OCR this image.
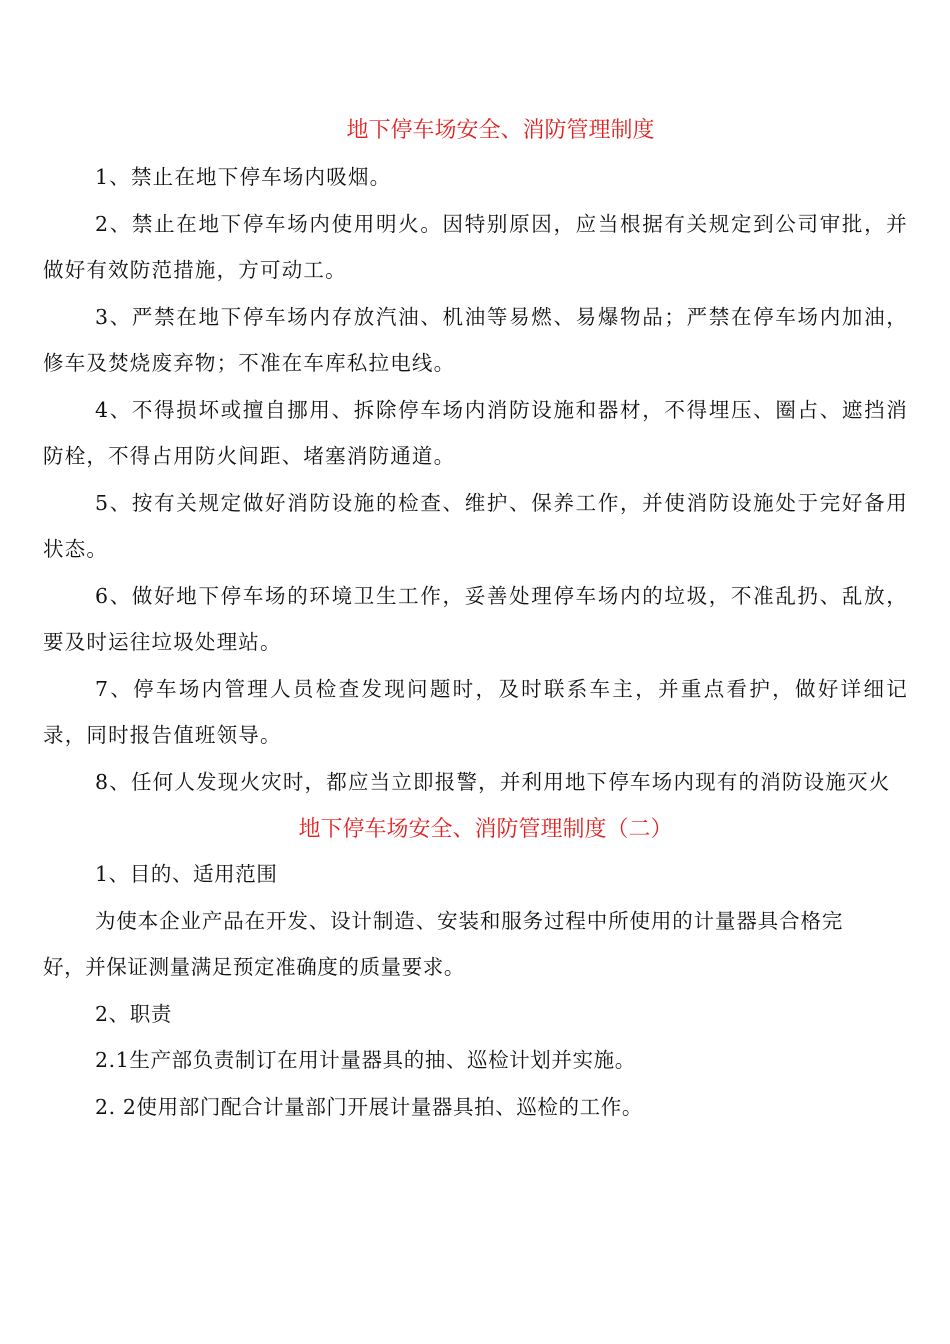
地下停车场安全、消防管理制度

1、禁止在地下停车场内吸烟。

2、禁止在地下停车场内使用明火。因特别原因，应当根据有关规定到公司审批，并做好有效防范措施，方可动工。

3、严禁在地下停车场内存放汽油、机油等易燃、易爆物品；严禁在停车场内加油，修车及焚烧废弃物；不准在车库私拉电线。

4、不得损坏或擅自挪用、拆除停车场内消防设施和器材，不得埋压、圈占、遮挡消防栓，不得占用防火间距、堵塞消防通道。

5、按有关规定做好消防设施的检查、维护、保养工作，并使消防设施处于完好备用状态。

6、做好地下停车场的环境卫生工作，妥善处理停车场内的垃圾，不准乱扔、乱放，要及时运往垃圾处理站。

7、停车场内管理人员检查发现问题时，及时联系车主，并重点看护，做好详细记录，同时报告值班领导。

8、任何人发现火灾时，都应当立即报警，并利用地下停车场内现有的消防设施灭火

地下停车场安全、消防管理制度（二）

1、目的、适用范围

为使本企业产品在开发、设计制造、安装和服务过程中所使用的计量器具合格完好，并保证测量满足预定准确度的质量要求。

2、职责

2.1生产部负责制订在用计量器具的抽、巡检计划并实施。

2. 2使用部门配合计量部门开展计量器具拍、巡检的工作。
